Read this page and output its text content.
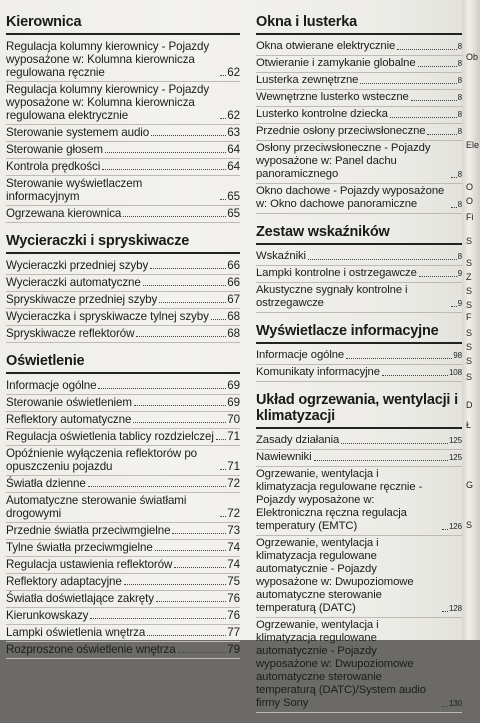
Kierownica
Regulacja kolumny kierownicy - Pojazdy wyposażone w: Kolumna kierownicza regulowana ręcznie	62
Regulacja kolumny kierownicy - Pojazdy wyposażone w: Kolumna kierownicza regulowana elektrycznie	62
Sterowanie systemem audio	63
Sterowanie głosem	64
Kontrola prędkości	64
Sterowanie wyświetlaczem informacyjnym	65
Ogrzewana kierownica	65
Wycieraczki i spryskiwacze
Wycieraczki przedniej szyby	66
Wycieraczki automatyczne	66
Spryskiwacze przedniej szyby	67
Wycieraczka i spryskiwacze tylnej szyby 68
Spryskiwacze reflektorów	68
Oświetlenie
Informacje ogólne	69
Sterowanie oświetleniem	69
Reflektory automatyczne	70
Regulacja oświetlenia tablicy rozdzielczej 71
Opóźnienie wyłączenia reflektorów po opuszczeniu pojazdu	71
Światła dzienne	72
Automatyczne sterowanie światłami drogowymi	72
Przednie światła przeciwmgielne	73
Tylne światła przeciwmgielne	74
Regulacja ustawienia reflektorów	74
Reflektory adaptacyjne	75
Światła doświetlające zakręty	76
Kierunkowskazy	76
Lampki oświetlenia wnętrza	77
Rozproszone oświetlenie wnętrza	79
Okna i lusterka
Okna otwierane elektrycznie	8
Otwieranie i zamykanie globalne	8
Lusterka zewnętrzne	8
Wewnętrzne lusterko wsteczne	8
Lusterko kontrolne dziecka	8
Przednie osłony przeciwsłoneczne	8
Osłony przeciwsłoneczne - Pojazdy wyposażone w: Panel dachu panoramicznego	8
Okno dachowe - Pojazdy wyposażone w: Okno dachowe panoramiczne	8
Zestaw wskaźników
Wskaźniki	8
Lampki kontrolne i ostrzegawcze	9
Akustyczne sygnały kontrolne i ostrzegawcze	9
Wyświetlacze informacyjne
Informacje ogólne	98
Komunikaty informacyjne	108
Układ ogrzewania, wentylacji i klimatyzacji
Zasady działania	125
Nawiewniki	125
Ogrzewanie, wentylacja i klimatyzacja regulowane ręcznie - Pojazdy wyposażone w: Elektroniczna ręczna regulacja temperatury (EMTC)	126
Ogrzewanie, wentylacja i klimatyzacja regulowane automatycznie - Pojazdy wyposażone w: Dwupoziomowe automatyczne sterowanie temperaturą (DATC)	128
Ogrzewanie, wentylacja i klimatyzacja regulowane automatycznie - Pojazdy wyposażone w: Dwupoziomowe automatyczne sterowanie temperaturą (DATC)/System audio firmy Sony	130
Ob
Ele
O
O
Fi
S
S
Z
S
S
F
S
S
S
S
D
Ł
G
S
